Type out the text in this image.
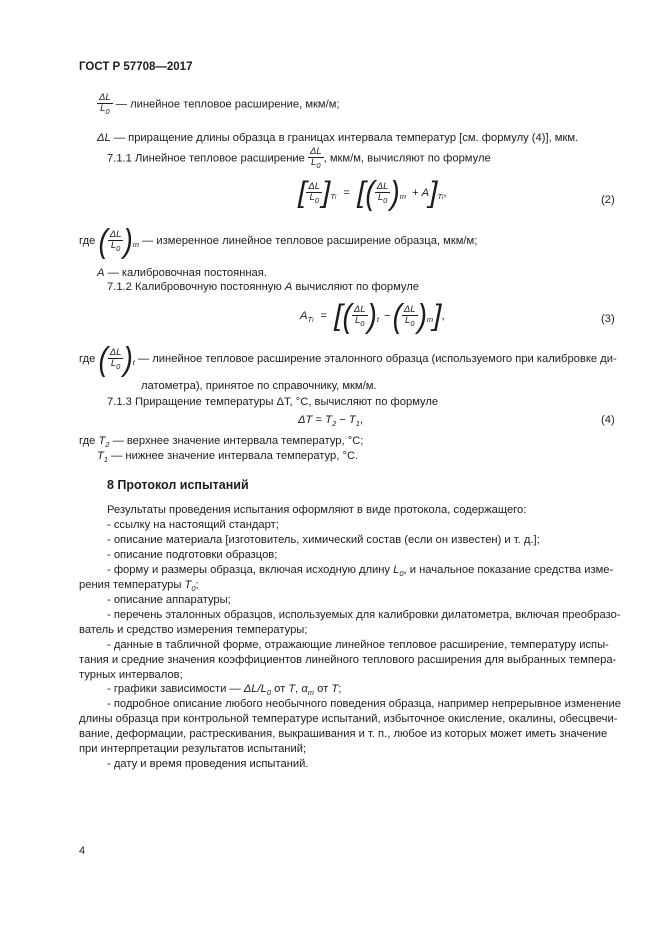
ГОСТ Р 57708—2017
$\frac{\Delta L}{L_0}$ — линейное тепловое расширение, мкм/м;
ΔL — приращение длины образца в границах интервала температур [см. формулу (4)], мкм.
7.1.1 Линейное тепловое расширение $\frac{\Delta L}{L_0}$ , мкм/м, вычисляют по формуле
[ $\frac{\Delta L}{L_0} ]_{Ti}$ = [( $\frac{\Delta L}{L_0} )_m + A]_{Ti}$,
(2)
где ( $\frac{\Delta L}{L_0} )_m$ — измеренное линейное тепловое расширение образца, мкм/м;
A — калибровочная постоянная.
7.1.2 Калибровочную постоянную A вычисляют по формуле
$A_{Ti}$ = [( $\frac{\Delta L}{L_0} )_t$ −( $\frac{\Delta L}{L_0} )_m$],	(3)
где ( $\frac{\Delta L}{L_0} )_t$ — линейное тепловое расширение эталонного образца (используемого при калибровке ди-
латометра), принятое по справочнику, мкм/м.
7.1.3 Приращение температуры ΔT, °C, вычисляют по формуле
$\Delta T = T_2 - T_1$,	(4)
где $T_2$ — верхнее значение интервала температур, °C;
$T_1$ — нижнее значение интервала температур, °C.
8 Протокол испытаний
Результаты проведения испытания оформляют в виде протокола, содержащего:
- ссылку на настоящий стандарт;
- описание материала [изготовитель, химический состав (если он известен) и т. д.];
- описание подготовки образцов;
- форму и размеры образца, включая исходную длину $L_0$, и начальное показание средства изме-
рения температуры $T_0$;
- описание аппаратуры;
- перечень эталонных образцов, используемых для калибровки дилатометра, включая преобразо-
ватель и средство измерения температуры;
- данные в табличной форме, отражающие линейное тепловое расширение, температуру испы-
тания и средние значения коэффициентов линейного теплового расширения для выбранных темпера-
турных интервалов;
- графики зависимости — $\Delta L/L_0$ от T, $\alpha_m$ от T;
- подробное описание любого необычного поведения образца, например непрерывное изменение
длины образца при контрольной температуре испытаний, избыточное окисление, окалины, обесцвечи-
вание, деформации, растрескивания, выкрашивания и т. п., любое из которых может иметь значение
при интерпретации результатов испытаний;
- дату и время проведения испытаний.
4
